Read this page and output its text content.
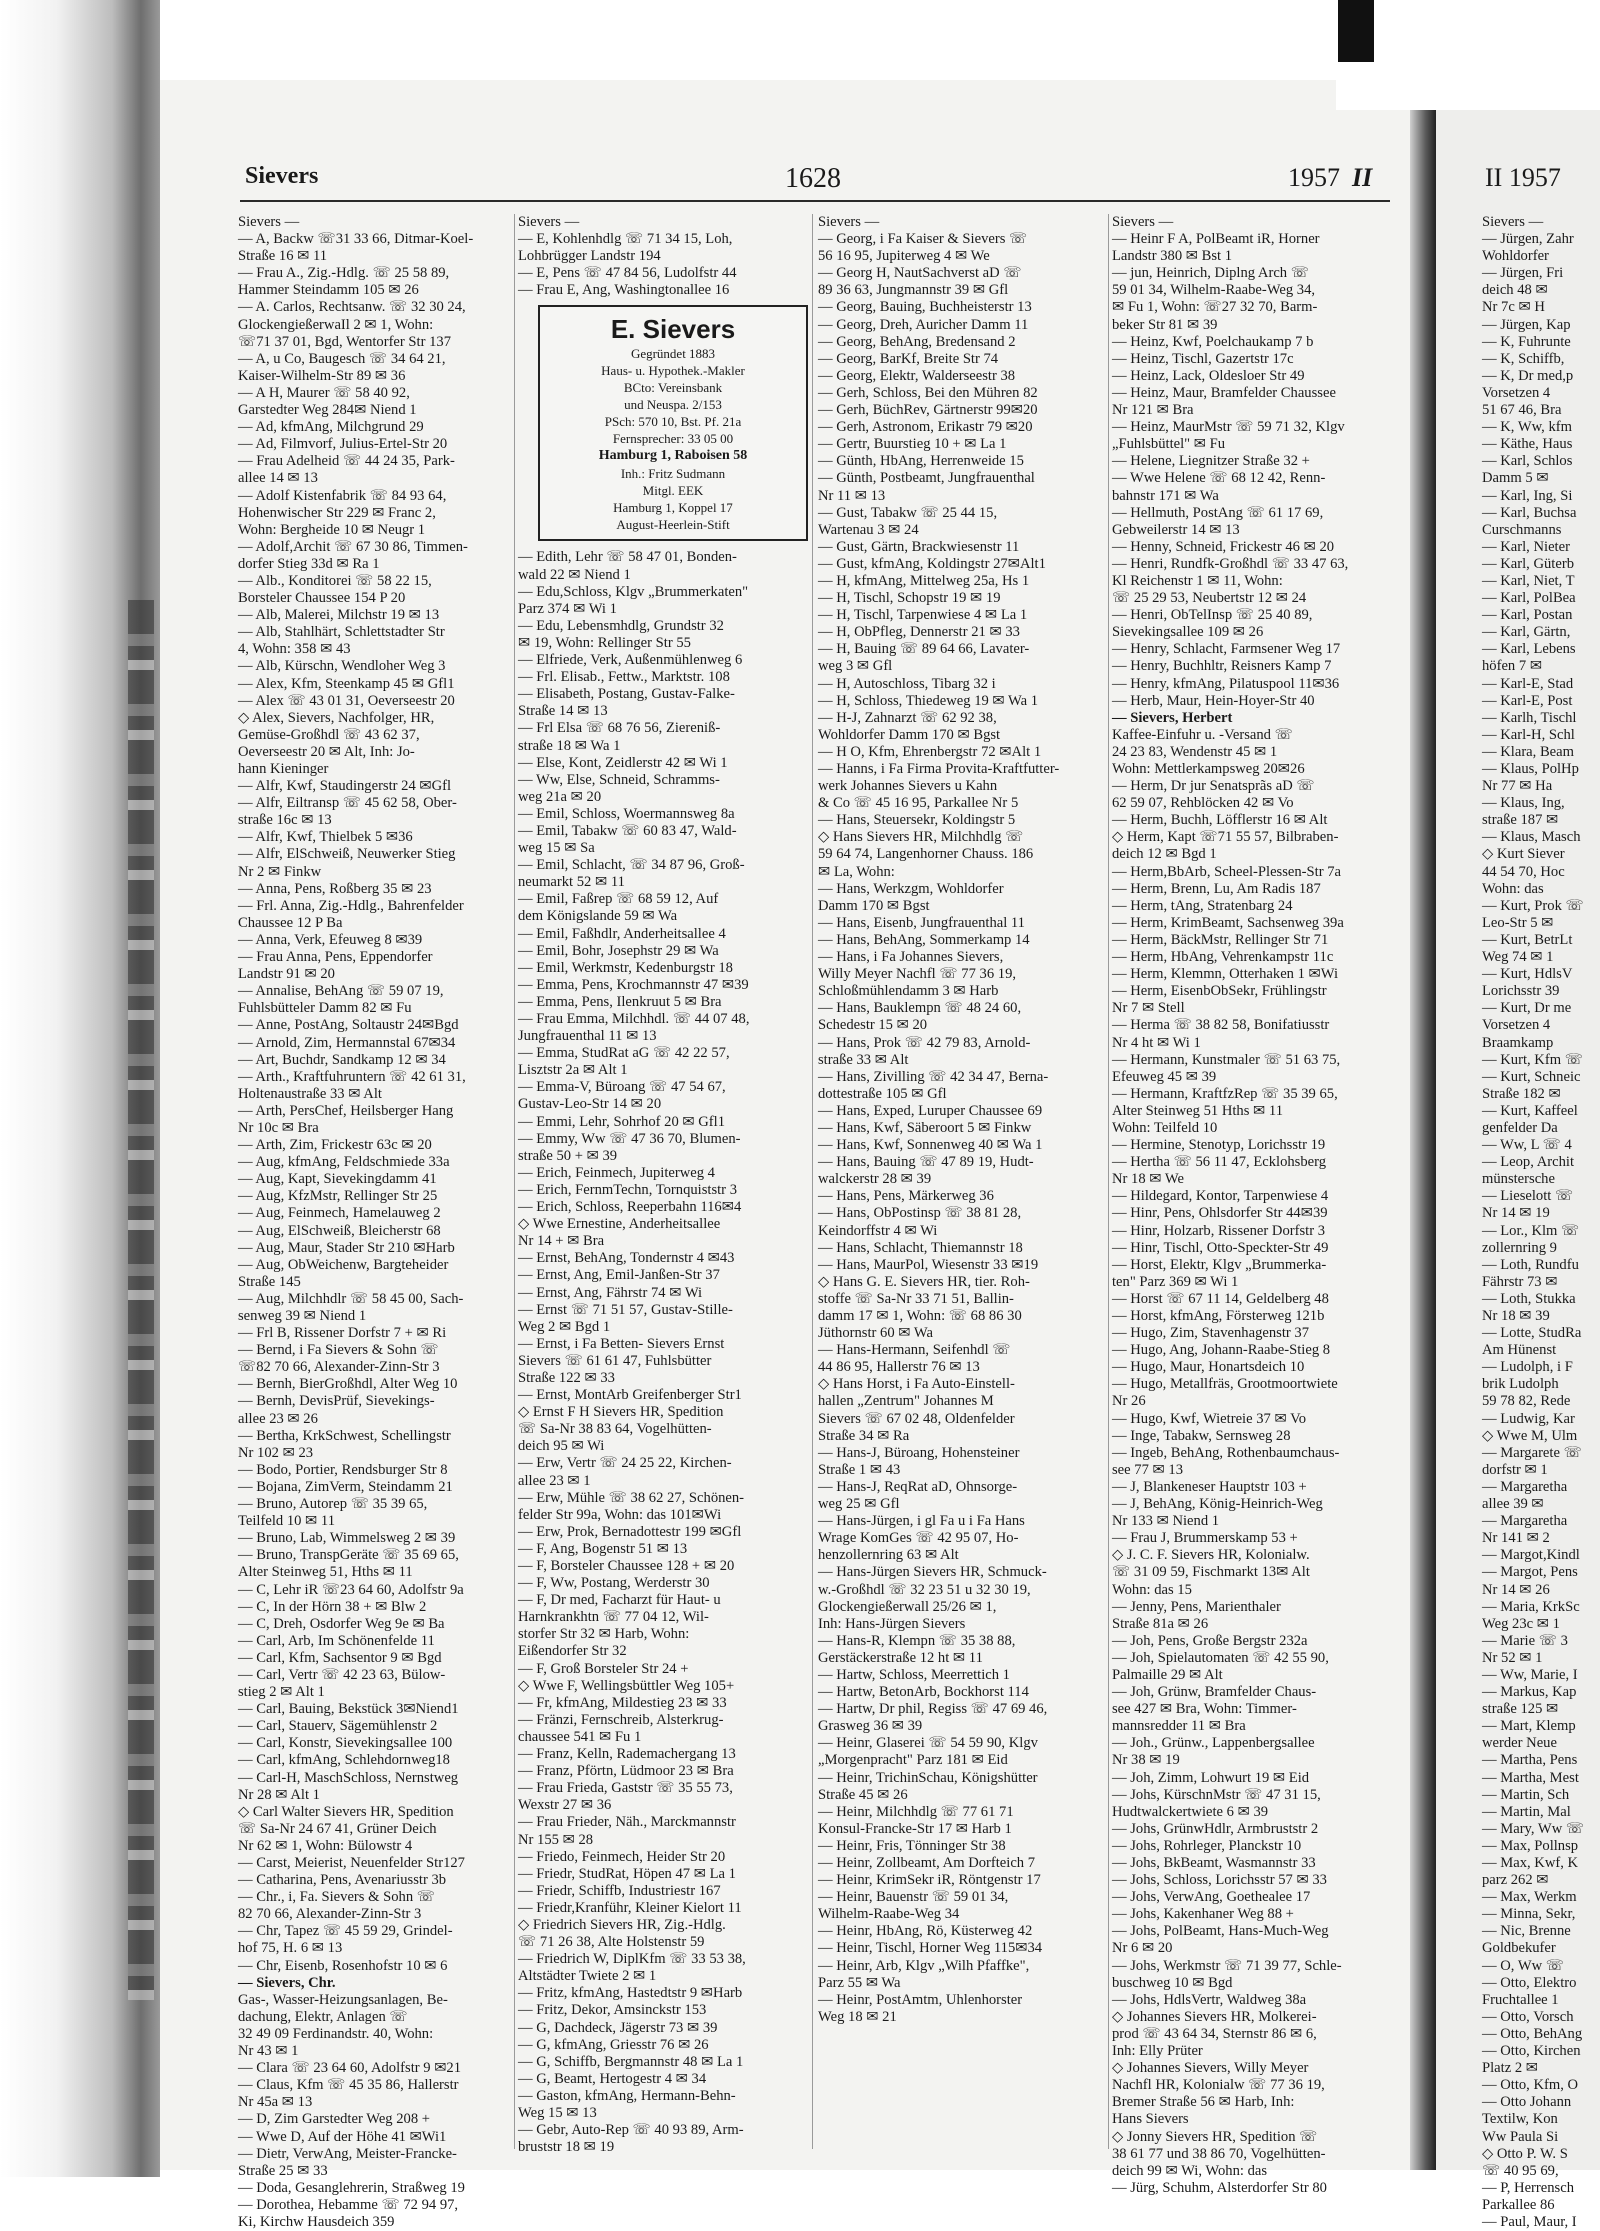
Sievers	1628	1957 II
Sievers —
— A, Backw ☏31 33 66, Ditmar-Koel-
Straße 16 ✉ 11
— Frau A., Zig.-Hdlg. ☏ 25 58 89,
Hammer Steindamm 105 ✉ 26
— A. Carlos, Rechtsanw. ☏ 32 30 24,
GlockengießerwaIl 2 ✉ 1, Wohn:
☏71 37 01, Bgd, Wentorfer Str 137
— A, u Co, Baugesch ☏ 34 64 21,
Kaiser-Wilhelm-Str 89 ✉ 36
— A H, Maurer ☏ 58 40 92,
Garstedter Weg 284✉ Niend 1
— Ad, kfmAng, Milchgrund 29
— Ad, Filmvorf, Julius-Ertel-Str 20
— Frau Adelheid ☏ 44 24 35, Park-
allee 14 ✉ 13
— Adolf Kistenfabrik ☏ 84 93 64,
Hohenwischer Str 229 ✉ Franc 2,
Wohn: Bergheide 10 ✉ Neugr 1
— Adolf,Archit ☏ 67 30 86, Timmen-
dorfer Stieg 33d ✉ Ra 1
— Alb., Konditorei ☏ 58 22 15,
Borsteler Chaussee 154 P 20
— Alb, Malerei, Milchstr 19 ✉ 13
— Alb, Stahlhärt, Schlettstadter Str
4, Wohn: 358 ✉ 43
— Alb, Kürschn, Wendloher Weg 3
— Alex, Kfm, Steenkamp 45 ✉ Gfl1
— Alex ☏ 43 01 31, Oeverseestr 20
◇ Alex, Sievers, Nachfolger, HR,
Gemüse-Großhdl ☏ 43 62 37,
Oeverseestr 20 ✉ Alt, Inh: Jo-
hann Kieninger
— Alfr, Kwf, Staudingerstr 24 ✉Gfl
— Alfr, Eiltransp ☏ 45 62 58, Ober-
straße 16c ✉ 13
— Alfr, Kwf, Thielbek 5 ✉36
— Alfr, ElSchweiß, Neuwerker Stieg
Nr 2 ✉ Finkw
— Anna, Pens, Roßberg 35 ✉ 23
— Frl. Anna, Zig.-Hdlg., Bahrenfelder
Chaussee 12 P Ba
— Anna, Verk, Efeuweg 8 ✉39
— Frau Anna, Pens, Eppendorfer
Landstr 91 ✉ 20
— Annalise, BehAng ☏ 59 07 19,
Fuhlsbütteler Damm 82 ✉ Fu
— Anne, PostAng, Soltaustr 24✉Bgd
— Arnold, Zim, Hermannstal 67✉34
— Art, Buchdr, Sandkamp 12 ✉ 34
— Arth., Kraftfuhruntern ☏ 42 61 31,
Holtenaustraße 33 ✉ Alt
— Arth, PersChef, Heilsberger Hang
Nr 10c ✉ Bra
— Arth, Zim, Frickestr 63c ✉ 20
— Aug, kfmAng, Feldschmiede 33a
— Aug, Kapt, Sievekingdamm 41
— Aug, KfzMstr, Rellinger Str 25
— Aug, Feinmech, Hamelauweg 2
— Aug, ElSchweiß, Bleicherstr 68
— Aug, Maur, Stader Str 210 ✉Harb
— Aug, ObWeichenw, Bargteheider
Straße 145
— Aug, Milchhdlr ☏ 58 45 00, Sach-
senweg 39 ✉ Niend 1
— Frl B, Rissener Dorfstr 7 + ✉ Ri
— Bernd, i Fa Sievers & Sohn ☏
☏82 70 66, Alexander-Zinn-Str 3
— Bernh, BierGroßhdl, Alter Weg 10
— Bernh, DevisPrüf, Sievekings-
allee 23 ✉ 26
— Bertha, KrkSchwest, Schellingstr
Nr 102 ✉ 23
— Bodo, Portier, Rendsburger Str 8
— Bojana, ZimVerm, Steindamm 21
— Bruno, Autorep ☏ 35 39 65,
Teilfeld 10 ✉ 11
— Bruno, Lab, Wimmelsweg 2 ✉ 39
— Bruno, TranspGeräte ☏ 35 69 65,
Alter Steinweg 51, Hths ✉ 11
— C, Lehr iR ☏23 64 60, Adolfstr 9a
— C, In der Hörn 38 + ✉ Blw 2
— C, Dreh, Osdorfer Weg 9e ✉ Ba
— Carl, Arb, Im Schönenfelde 11
— Carl, Kfm, Sachsentor 9 ✉ Bgd
— Carl, Vertr ☏ 42 23 63, Bülow-
stieg 2 ✉ Alt 1
— Carl, Bauing, Bekstück 3✉Niend1
— Carl, Stauerv, Sägemühlenstr 2
— Carl, Konstr, Sievekingsallee 100
— Carl, kfmAng, Schlehdornweg18
— Carl-H, MaschSchloss, Nernstweg
Nr 28 ✉ Alt 1
◇ Carl Walter Sievers HR, Spedition
☏ Sa-Nr 24 67 41, Grüner Deich
Nr 62 ✉ 1, Wohn: Bülowstr 4
— Carst, Meierist, Neuenfelder Str127
— Catharina, Pens, Avenariusstr 3b
— Chr., i, Fa. Sievers & Sohn ☏
82 70 66, Alexander-Zinn-Str 3
— Chr, Tapez ☏ 45 59 29, Grindel-
hof 75, H. 6 ✉ 13
— Chr, Eisenb, Rosenhofstr 10 ✉ 6
— Sievers, Chr.
Gas-, Wasser-Heizungsanlagen, Be-
dachung, Elektr, Anlagen ☏
32 49 09 Ferdinandstr. 40, Wohn:
Nr 43 ✉ 1
— Clara ☏ 23 64 60, Adolfstr 9 ✉21
— Claus, Kfm ☏ 45 35 86, Hallerstr
Nr 45a ✉ 13
— D, Zim Garstedter Weg 208 +
— Wwe D, Auf der Höhe 41 ✉Wi1
— Dietr, VerwAng, Meister-Francke-
Straße 25 ✉ 33
— Doda, Gesanglehrerin, Straßweg 19
— Dorothea, Hebamme ☏ 72 94 97,
Ki, Kirchw Hausdeich 359
Sievers —
— E, Kohlenhdlg ☏ 71 34 15, Loh,
Lohbrügger Landstr 194
— E, Pens ☏ 47 84 56, Ludolfstr 44
— Frau E, Ang, Washingtonallee 16
E. Sievers
Gegründet 1883
Haus- u. Hypothek.-Makler
BCto: Vereinsbank
und Neuspa. 2/153
PSch: 570 10, Bst. Pf. 21a
Fernsprecher: 33 05 00
Hamburg 1, Raboisen 58
Inh.: Fritz Sudmann
Mitgl. EEK
Hamburg 1, Koppel 17
August-Heerlein-Stift
— Edith, Lehr ☏ 58 47 01, Bonden-
wald 22 ✉ Niend 1
— Edu,Schloss, Klgv „Brummerkaten"
Parz 374 ✉ Wi 1
— Edu, Lebensmhdlg, Grundstr 32
✉ 19, Wohn: Rellinger Str 55
— Elfriede, Verk, Außenmühlenweg 6
— Frl. Elisab., Fettw., Marktstr. 108
— Elisabeth, Postang, Gustav-Falke-
Straße 14 ✉ 13
— Frl Elsa ☏ 68 76 56, Ziereniß-
straße 18 ✉ Wa 1
— Else, Kont, Zeidlerstr 42 ✉ Wi 1
— Ww, Else, Schneid, Schramms-
weg 21a ✉ 20
— Emil, Schloss, Woermannsweg 8a
— Emil, Tabakw ☏ 60 83 47, Wald-
weg 15 ✉ Sa
— Emil, Schlacht, ☏ 34 87 96, Groß-
neumarkt 52 ✉ 11
— Emil, Faßrep ☏ 68 59 12, Auf
dem Königslande 59 ✉ Wa
— Emil, Faßhdlr, Anderheitsallee 4
— Emil, Bohr, Josephstr 29 ✉ Wa
— Emil, Werkmstr, Kedenburgstr 18
— Emma, Pens, Krochmannstr 47 ✉39
— Emma, Pens, Ilenkruut 5 ✉ Bra
— Frau Emma, Milchhdl. ☏ 44 07 48,
Jungfrauenthal 11 ✉ 13
— Emma, StudRat aG ☏ 42 22 57,
Lisztstr 2a ✉ Alt 1
— Emma-V, Büroang ☏ 47 54 67,
Gustav-Leo-Str 14 ✉ 20
— Emmi, Lehr, Sohrhof 20 ✉ Gfl1
— Emmy, Ww ☏ 47 36 70, Blumen-
straße 50 + ✉ 39
— Erich, Feinmech, Jupiterweg 4
— Erich, FernmTechn, Tornquiststr 3
— Erich, Schloss, Reeperbahn 116✉4
◇ Wwe Ernestine, Anderheitsallee
Nr 14 + ✉ Bra
— Ernst, BehAng, Tondernstr 4 ✉43
— Ernst, Ang, Emil-Janßen-Str 37
— Ernst, Ang, Fährstr 74 ✉ Wi
— Ernst ☏ 71 51 57, Gustav-Stille-
Weg 2 ✉ Bgd 1
— Ernst, i Fa Betten- Sievers Ernst
Sievers ☏ 61 61 47, Fuhlsbütter
Straße 122 ✉ 33
— Ernst, MontArb Greifenberger Str1
◇ Ernst F H Sievers HR, Spedition
☏ Sa-Nr 38 83 64, Vogelhütten-
deich 95 ✉ Wi
— Erw, Vertr ☏ 24 25 22, Kirchen-
allee 23 ✉ 1
— Erw, Mühle ☏ 38 62 27, Schönen-
felder Str 99a, Wohn: das 101✉Wi
— Erw, Prok, Bernadottestr 199 ✉Gfl
— F, Ang, Bogenstr 51 ✉ 13
— F, Borsteler Chaussee 128 + ✉ 20
— F, Ww, Postang, Werderstr 30
— F, Dr med, Facharzt für Haut- u
Harnkrankhtn ☏ 77 04 12, Wil-
storfer Str 32 ✉ Harb, Wohn:
Eißendorfer Str 32
— F, Groß Borsteler Str 24 +
◇ Wwe F, Wellingsbüttler Weg 105+
— Fr, kfmAng, Mildestieg 23 ✉ 33
— Fränzi, Fernschreib, Alsterkrug-
chaussee 541 ✉ Fu 1
— Franz, Kelln, Rademachergang 13
— Franz, Pförtn, Lüdmoor 23 ✉ Bra
— Frau Frieda, Gaststr ☏ 35 55 73,
Wexstr 27 ✉ 36
— Frau Frieder, Näh., Marckmannstr
Nr 155 ✉ 28
— Friedo, Feinmech, Heider Str 20
— Friedr, StudRat, Höpen 47 ✉ La 1
— Friedr, Schiffb, Industriestr 167
— Friedr,Kranführ, Kleiner Kielort 11
◇ Friedrich Sievers HR, Zig.-Hdlg.
☏ 71 26 38, Alte Holstenstr 59
— Friedrich W, DiplKfm ☏ 33 53 38,
Altstädter Twiete 2 ✉ 1
— Fritz, kfmAng, Hastedtstr 9 ✉Harb
— Fritz, Dekor, Amsinckstr 153
— G, Dachdeck, Jägerstr 73 ✉ 39
— G, kfmAng, Griesstr 76 ✉ 26
— G, Schiffb, Bergmannstr 48 ✉ La 1
— G, Beamt, Hertogestr 4 ✉ 34
— Gaston, kfmAng, Hermann-Behn-
Weg 15 ✉ 13
— Gebr, Auto-Rep ☏ 40 93 89, Arm-
bruststr 18 ✉ 19
Sievers —
— Georg, i Fa Kaiser & Sievers ☏
56 16 95, Jupiterweg 4 ✉ We
— Georg H, NautSachverst aD ☏
89 36 63, Jungmannstr 39 ✉ Gfl
— Georg, Bauing, Buchheisterstr 13
— Georg, Dreh, Auricher Damm 11
— Georg, BehAng, Bredensand 2
— Georg, BarKf, Breite Str 74
— Georg, Elektr, Walderseestr 38
— Gerh, Schloss, Bei den Mühren 82
— Gerh, BüchRev, Gärtnerstr 99✉20
— Gerh, Astronom, Erikastr 79 ✉20
— Gertr, Buurstieg 10 + ✉ La 1
— Günth, HbAng, Herrenweide 15
— Günth, Postbeamt, Jungfrauenthal
Nr 11 ✉ 13
— Gust, Tabakw ☏ 25 44 15,
Wartenau 3 ✉ 24
— Gust, Gärtn, Brackwiesenstr 11
— Gust, kfmAng, Koldingstr 27✉Alt1
— H, kfmAng, Mittelweg 25a, Hs 1
— H, Tischl, Schopstr 19 ✉ 19
— H, Tischl, Tarpenwiese 4 ✉ La 1
— H, ObPfleg, Dennerstr 21 ✉ 33
— H, Bauing ☏ 89 64 66, Lavater-
weg 3 ✉ Gfl
— H, Autoschloss, Tibarg 32 i
— H, Schloss, Thiedeweg 19 ✉ Wa 1
— H-J, Zahnarzt ☏ 62 92 38,
Wohldorfer Damm 170 ✉ Bgst
— H O, Kfm, Ehrenbergstr 72 ✉Alt 1
— Hanns, i Fa Firma Provita-Kraftfutter-
werk Johannes Sievers u Kahn
& Co ☏ 45 16 95, Parkallee Nr 5
— Hans, Steuersekr, Koldingstr 5
◇ Hans Sievers HR, Milchhdlg ☏
59 64 74, Langenhorner Chauss. 186
✉ La, Wohn:
— Hans, Werkzgm, Wohldorfer
Damm 170 ✉ Bgst
— Hans, Eisenb, Jungfrauenthal 11
— Hans, BehAng, Sommerkamp 14
— Hans, i Fa Johannes Sievers,
Willy Meyer Nachfl ☏ 77 36 19,
Schloßmühlendamm 3 ✉ Harb
— Hans, Bauklempn ☏ 48 24 60,
Schedestr 15 ✉ 20
— Hans, Prok ☏ 42 79 83, Arnold-
straße 33 ✉ Alt
— Hans, Zivilling ☏ 42 34 47, Berna-
dottestraße 105 ✉ Gfl
— Hans, Exped, Luruper Chaussee 69
— Hans, Kwf, Säberoort 5 ✉ Finkw
— Hans, Kwf, Sonnenweg 40 ✉ Wa 1
— Hans, Bauing ☏ 47 89 19, Hudt-
walckerstr 28 ✉ 39
— Hans, Pens, Märkerweg 36
— Hans, ObPostinsp ☏ 38 81 28,
Keindorffstr 4 ✉ Wi
— Hans, Schlacht, Thiemannstr 18
— Hans, MaurPol, Wiesenstr 33 ✉19
◇ Hans G. E. Sievers HR, tier. Roh-
stoffe ☏ Sa-Nr 33 71 51, Ballin-
damm 17 ✉ 1, Wohn: ☏ 68 86 30
Jüthornstr 60 ✉ Wa
— Hans-Hermann, Seifenhdl ☏
44 86 95, Hallerstr 76 ✉ 13
◇ Hans Horst, i Fa Auto-Einstell-
hallen „Zentrum" Johannes M
Sievers ☏ 67 02 48, Oldenfelder
Straße 34 ✉ Ra
— Hans-J, Büroang, Hohensteiner
Straße 1 ✉ 43
— Hans-J, ReqRat aD, Ohnsorge-
weg 25 ✉ Gfl
— Hans-Jürgen, i gl Fa u i Fa Hans
Wrage KomGes ☏ 42 95 07, Ho-
henzollernring 63 ✉ Alt
— Hans-Jürgen Sievers HR, Schmuck-
w.-Großhdl ☏ 32 23 51 u 32 30 19,
Glockengießerwall 25/26 ✉ 1,
Inh: Hans-Jürgen Sievers
— Hans-R, Klempn ☏ 35 38 88,
Gerstäckerstraße 12 ht ✉ 11
— Hartw, Schloss, Meerrettich 1
— Hartw, BetonArb, Bockhorst 114
— Hartw, Dr phil, Regiss ☏ 47 69 46,
Grasweg 36 ✉ 39
— Heinr, Glaserei ☏ 54 59 90, Klgv
„Morgenpracht" Parz 181 ✉ Eid
— Heinr, TrichinSchau, Königshütter
Straße 45 ✉ 26
— Heinr, Milchhdlg ☏ 77 61 71
Konsul-Francke-Str 17 ✉ Harb 1
— Heinr, Fris, Tönninger Str 38
— Heinr, Zollbeamt, Am Dorfteich 7
— Heinr, KrimSekr iR, Röntgenstr 17
— Heinr, Bauenstr ☏ 59 01 34,
Wilhelm-Raabe-Weg 34
— Heinr, HbAng, Rö, Küsterweg 42
— Heinr, Tischl, Horner Weg 115✉34
— Heinr, Arb, Klgv „Wilh Pfaffke",
Parz 55 ✉ Wa
— Heinr, PostAmtm, Uhlenhorster
Weg 18 ✉ 21
Sievers —
— Heinr F A, PolBeamt iR, Horner
Landstr 380 ✉ Bst 1
— jun, Heinrich, Diplng Arch ☏
59 01 34, Wilhelm-Raabe-Weg 34,
✉ Fu 1, Wohn: ☏27 32 70, Barm-
beker Str 81 ✉ 39
— Heinz, Kwf, Poelchaukamp 7 b
— Heinz, Tischl, Gazertstr 17c
— Heinz, Lack, Oldesloer Str 49
— Heinz, Maur, Bramfelder Chaussee
Nr 121 ✉ Bra
— Heinz, MaurMstr ☏ 59 71 32, Klgv
„Fuhlsbüttel" ✉ Fu
— Helene, Liegnitzer Straße 32 +
— Wwe Helene ☏ 68 12 42, Renn-
bahnstr 171 ✉ Wa
— Hellmuth, PostAng ☏ 61 17 69,
Gebweilerstr 14 ✉ 13
— Henny, Schneid, Frickestr 46 ✉ 20
— Henri, Rundfk-Großhdl ☏ 33 47 63,
Kl Reichenstr 1 ✉ 11, Wohn:
☏ 25 29 53, Neubertstr 12 ✉ 24
— Henri, ObTelInsp ☏ 25 40 89,
Sievekingsallee 109 ✉ 26
— Henry, Schlacht, Farmsener Weg 17
— Henry, Buchhltr, Reisners Kamp 7
— Henry, kfmAng, Pilatuspool 11✉36
— Herb, Maur, Hein-Hoyer-Str 40
— Sievers, Herbert
Kaffee-Einfuhr u. -Versand ☏
24 23 83, Wendenstr 45 ✉ 1
Wohn: Mettlerkampsweg 20✉26
— Herm, Dr jur Senatsprãs aD ☏
62 59 07, Rehblöcken 42 ✉ Vo
— Herm, Buchh, Löfflerstr 16 ✉ Alt
◇ Herm, Kapt ☏71 55 57, Bilbraben-
deich 12 ✉ Bgd 1
— Herm,BbArb, Scheel-Plessen-Str 7a
— Herm, Brenn, Lu, Am Radis 187
— Herm, tAng, Stratenbarg 24
— Herm, KrimBeamt, Sachsenweg 39a
— Herm, BäckMstr, Rellinger Str 71
— Herm, HbAng, Vehrenkampstr 11c
— Herm, Klemmn, Otterhaken 1 ✉Wi
— Herm, EisenbObSekr, Frühlingstr
Nr 7 ✉ Stell
— Herma ☏ 38 82 58, Bonifatiusstr
Nr 4 ht ✉ Wi 1
— Hermann, Kunstmaler ☏ 51 63 75,
Efeuweg 45 ✉ 39
— Hermann, KraftfzRep ☏ 35 39 65,
Alter Steinweg 51 Hths ✉ 11
Wohn: Teilfeld 10
— Hermine, Stenotyp, Lorichsstr 19
— Hertha ☏ 56 11 47, Ecklohsberg
Nr 18 ✉ We
— Hildegard, Kontor, Tarpenwiese 4
— Hinr, Pens, Ohlsdorfer Str 44✉39
— Hinr, Holzarb, Rissener Dorfstr 3
— Hinr, Tischl, Otto-Speckter-Str 49
— Horst, Elektr, Klgv „Brummerka-
ten" Parz 369 ✉ Wi 1
— Horst ☏ 67 11 14, Geldelberg 48
— Horst, kfmAng, Försterweg 121b
— Hugo, Zim, Stavenhagenstr 37
— Hugo, Ang, Johann-Raabe-Stieg 8
— Hugo, Maur, Honartsdeich 10
— Hugo, Metallfräs, Grootmoortwiete
Nr 26
— Hugo, Kwf, Wietreie 37 ✉ Vo
— Inge, Tabakw, Sernsweg 28
— Ingeb, BehAng, Rothenbaumchaus-
see 77 ✉ 13
— J, Blankeneser Hauptstr 103 +
— J, BehAng, König-Heinrich-Weg
Nr 133 ✉ Niend 1
— Frau J, Brummerskamp 53 +
◇ J. C. F. Sievers HR, Kolonialw.
☏ 31 09 59, Fischmarkt 13✉ Alt
Wohn: das 15
— Jenny, Pens, Marienthaler
Straße 81a ✉ 26
— Joh, Pens, Große Bergstr 232a
— Joh, Spielautomaten ☏ 42 55 90,
Palmaille 29 ✉ Alt
— Joh, Grünw, Bramfelder Chaus-
see 427 ✉ Bra, Wohn: Timmer-
mannsredder 11 ✉ Bra
— Joh., Grünw., Lappenbergsallee
Nr 38 ✉ 19
— Joh, Zimm, Lohwurt 19 ✉ Eid
— Johs, KürschnMstr ☏ 47 31 15,
Hudtwalckertwiete 6 ✉ 39
— Johs, GrünwHdlr, Armbruststr 2
— Johs, Rohrleger, Planckstr 10
— Johs, BkBeamt, Wasmannstr 33
— Johs, Schloss, Lorichsstr 57 ✉ 33
— Johs, VerwAng, Goethealee 17
— Johs, Kakenhaner Weg 88 +
— Johs, PolBeamt, Hans-Much-Weg
Nr 6 ✉ 20
— Johs, Werkmstr ☏ 71 39 77, Schle-
buschweg 10 ✉ Bgd
— Johs, HdlsVertr, Waldweg 38a
◇ Johannes Sievers HR, Molkerei-
prod ☏ 43 64 34, Sternstr 86 ✉ 6,
Inh: Elly Prüter
◇ Johannes Sievers, Willy Meyer
Nachfl HR, Kolonialw ☏ 77 36 19,
Bremer Straße 56 ✉ Harb, Inh:
Hans Sievers
◇ Jonny Sievers HR, Spedition ☏
38 61 77 und 38 86 70, Vogelhütten-
deich 99 ✉ Wi, Wohn: das
— Jürg, Schuhm, Alsterdorfer Str 80
II 1957
Sievers —
— Jürgen, Zahr
Wohldorfer
— Jürgen, Fri
deich 48 ✉
Nr 7c ✉ H
— Jürgen, Kap
— K, Fuhrunte
— K, Schiffb,
— K, Dr med,p
Vorsetzen 4
51 67 46, Bra
— K, Ww, kfm
— Käthe, Haus
— Karl, Schlos
Damm 5 ✉
— Karl, Ing, Si
— Karl, Buchsa
Curschmanns
— Karl, Nieter
— Karl, Güterb
— Karl, Niet, T
— Karl, PolBea
— Karl, Postan
— Karl, Gärtn,
— Karl, Lebens
höfen 7 ✉
— Karl-E, Stad
— Karl-E, Post
— Karlh, Tischl
— Karl-H, Schl
— Klara, Beam
— Klaus, PolHp
Nr 77 ✉ Ha
— Klaus, Ing,
straße 187 ✉
— Klaus, Masch
◇ Kurt Siever
44 54 70, Hoc
Wohn: das
— Kurt, Prok ☏
Leo-Str 5 ✉
— Kurt, BetrLt
Weg 74 ✉ 1
— Kurt, HdlsV
Lorichsstr 39
— Kurt, Dr me
Vorsetzen 4
Braamkamp
— Kurt, Kfm ☏
— Kurt, Schneic
Straße 182 ✉
— Kurt, Kaffeel
genfelder Da
— Ww, L ☏ 4
— Leop, Archit
münstersche
— Lieselott ☏
Nr 14 ✉ 19
— Lor., Klm ☏
zollernring 9
— Loth, Rundfu
Fährstr 73 ✉
— Loth, Stukka
Nr 18 ✉ 39
— Lotte, StudRa
Am Hünenst
— Ludolph, i F
brik Ludolph
59 78 82, Rede
— Ludwig, Kar
◇ Wwe M, Ulm
— Margarete ☏
dorfstr ✉ 1
— Margaretha
allee 39 ✉
— Margaretha
Nr 141 ✉ 2
— Margot,Kindl
— Margot, Pens
Nr 14 ✉ 26
— Maria, KrkSc
Weg 23c ✉ 1
— Marie ☏ 3
Nr 52 ✉ 1
— Ww, Marie, I
— Markus, Kap
straße 125 ✉
— Mart, Klemp
werder Neue
— Martha, Pens
— Martha, Mest
— Martin, Sch
— Martin, Mal
— Mary, Ww ☏
— Max, Pollnsp
— Max, Kwf, K
parz 262 ✉
— Max, Werkm
— Minna, Sekr,
— Nic, Brenne
Goldbekufer
— O, Ww ☏
— Otto, Elektro
Fruchtallee 1
— Otto, Vorsch
— Otto, BehAng
— Otto, Kirchen
Platz 2 ✉
— Otto, Kfm, O
— Otto Johann
Textilw, Kon
Ww Paula Si
◇ Otto P. W. S
☏ 40 95 69,
— P, Herrensch
Parkallee 86
— Paul, Maur, I
